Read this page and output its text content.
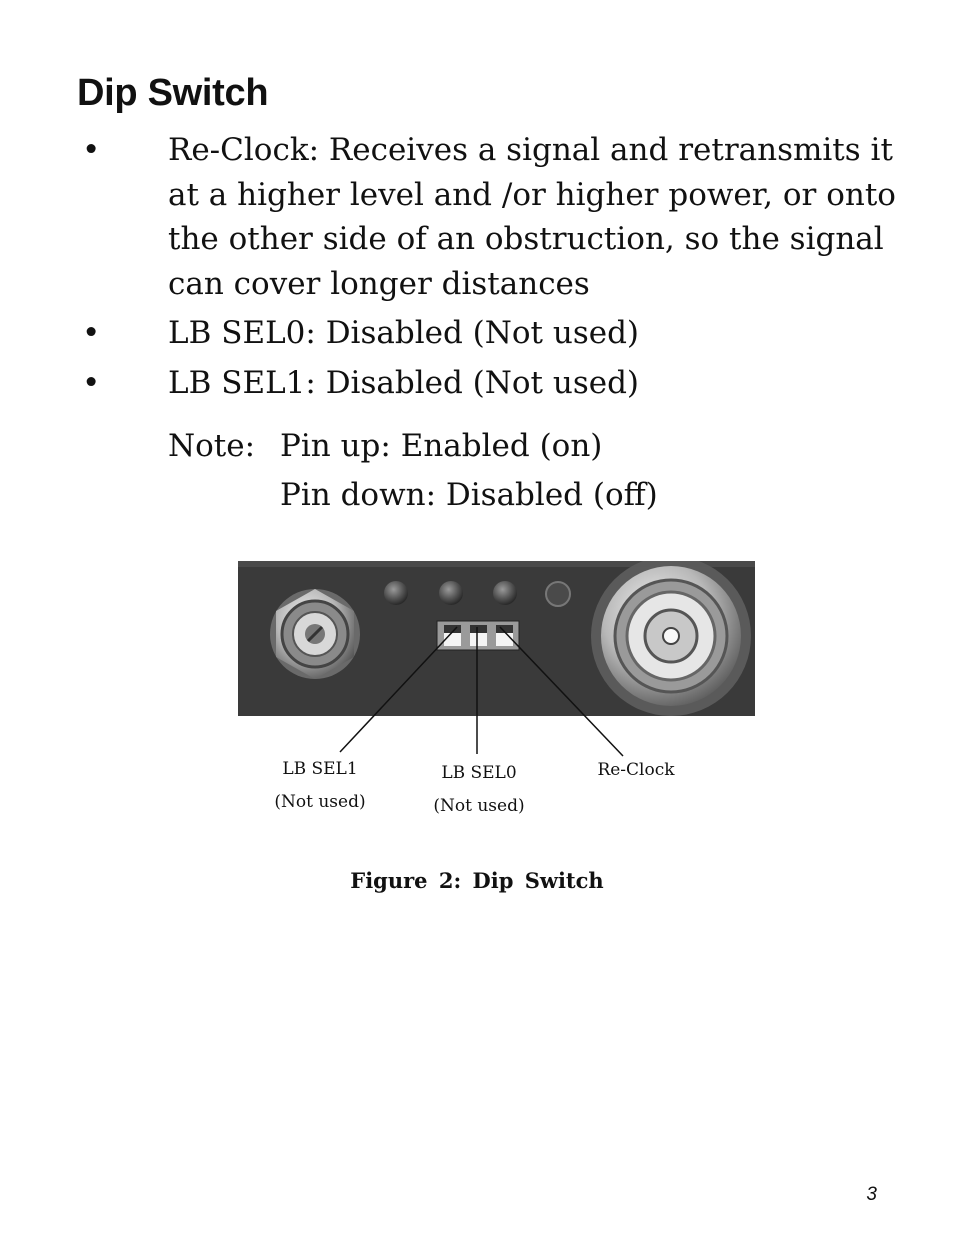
Dip Switch
• Re-Clock: Receives a signal and retransmits it at a higher level and /or higher power, or onto the other side of an obstruction, so the signal can cover longer distances
• LB SEL0: Disabled (Not used)
• LB SEL1: Disabled (Not used)
Note: Pin up: Enabled (on)
Pin down: Disabled (off)
LB SEL1
(Not used)
LB SEL0
(Not used)
Re-Clock
Figure 2: Dip Switch
3
